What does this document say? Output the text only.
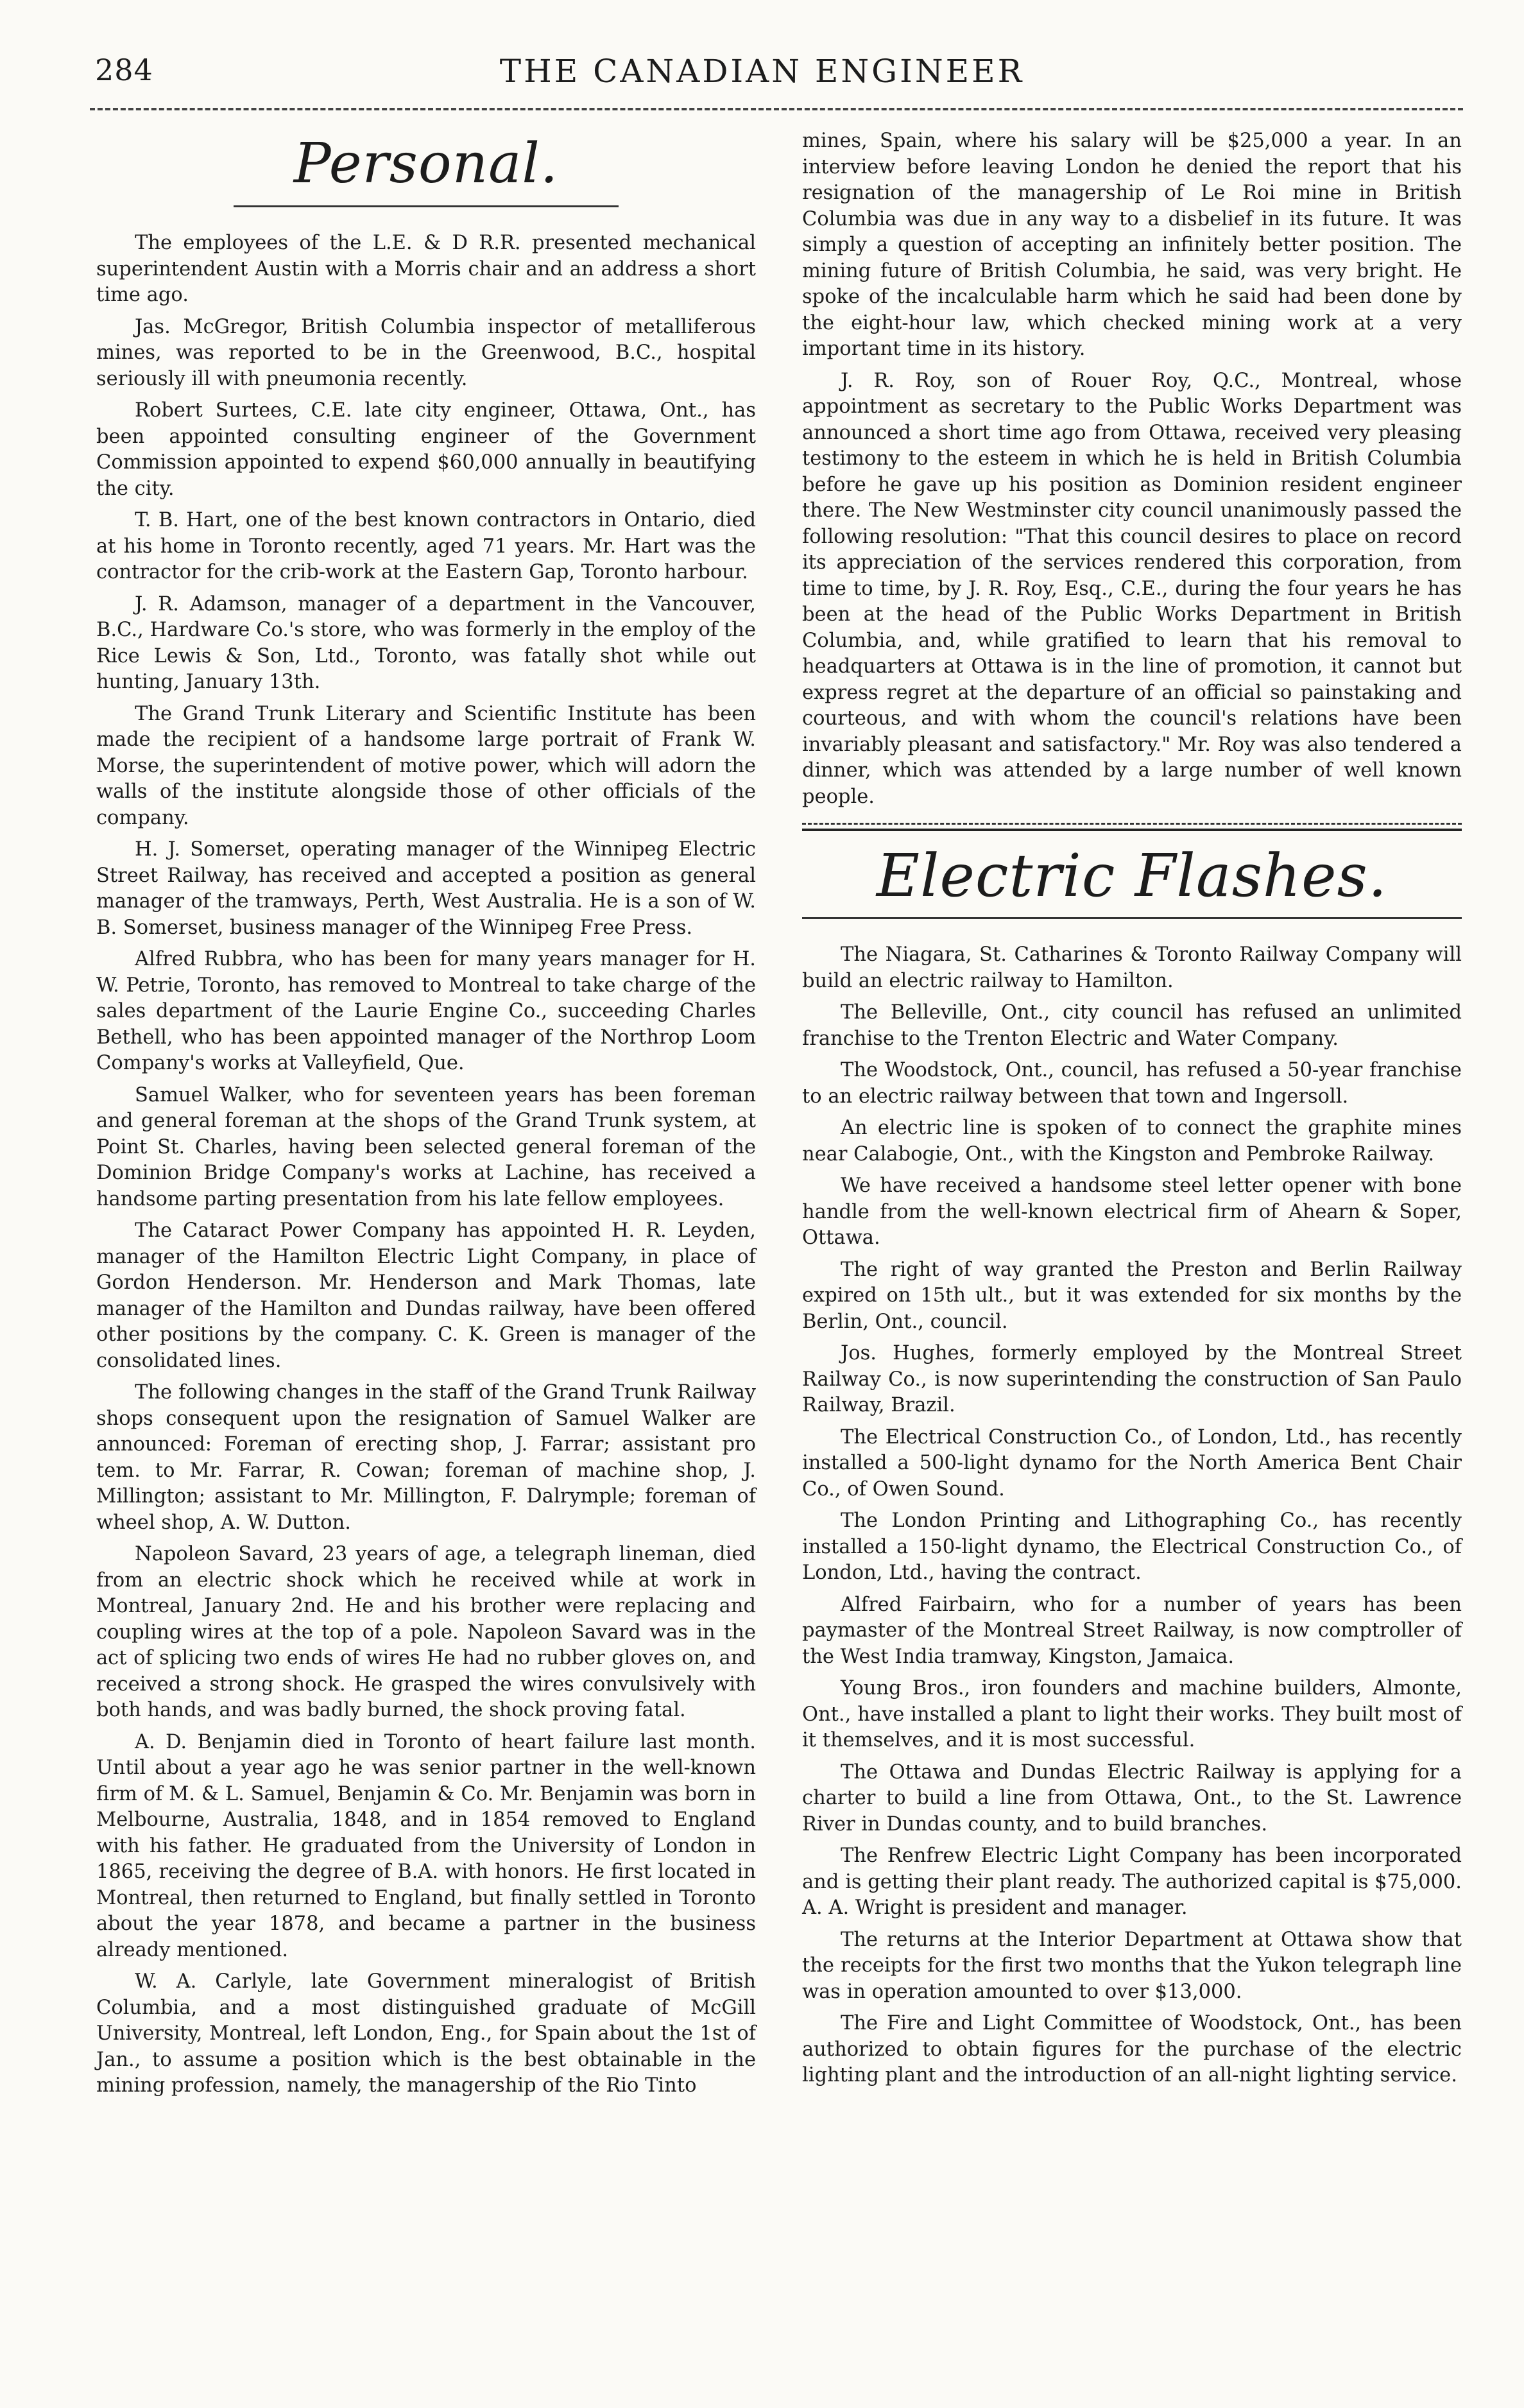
284	THE CANADIAN ENGINEER
Personal.

The employees of the L.E. & D R.R. presented mechanical superintendent Austin with a Morris chair and an address a short time ago.

Jas. McGregor, British Columbia inspector of metalliferous mines, was reported to be in the Greenwood, B.C., hospital seriously ill with pneumonia recently.

Robert Surtees, C.E. late city engineer, Ottawa, Ont., has been appointed consulting engineer of the Government Commission appointed to expend $60,000 annually in beautifying the city.

T. B. Hart, one of the best known contractors in Ontario, died at his home in Toronto recently, aged 71 years. Mr. Hart was the contractor for the crib-work at the Eastern Gap, Toronto harbour.

J. R. Adamson, manager of a department in the Vancouver, B.C., Hardware Co.'s store, who was formerly in the employ of the Rice Lewis & Son, Ltd., Toronto, was fatally shot while out hunting, January 13th.

The Grand Trunk Literary and Scientific Institute has been made the recipient of a handsome large portrait of Frank W. Morse, the superintendent of motive power, which will adorn the walls of the institute alongside those of other officials of the company.

H. J. Somerset, operating manager of the Winnipeg Electric Street Railway, has received and accepted a position as general manager of the tramways, Perth, West Australia. He is a son of W. B. Somerset, business manager of the Winnipeg Free Press.

Alfred Rubbra, who has been for many years manager for H. W. Petrie, Toronto, has removed to Montreal to take charge of the sales department of the Laurie Engine Co., succeeding Charles Bethell, who has been appointed manager of the Northrop Loom Company's works at Valleyfield, Que.

Samuel Walker, who for seventeen years has been foreman and general foreman at the shops of the Grand Trunk system, at Point St. Charles, having been selected general foreman of the Dominion Bridge Company's works at Lachine, has received a handsome parting presentation from his late fellow employees.

The Cataract Power Company has appointed H. R. Leyden, manager of the Hamilton Electric Light Company, in place of Gordon Henderson. Mr. Henderson and Mark Thomas, late manager of the Hamilton and Dundas railway, have been offered other positions by the company. C. K. Green is manager of the consolidated lines.

The following changes in the staff of the Grand Trunk Railway shops consequent upon the resignation of Samuel Walker are announced: Foreman of erecting shop, J. Farrar; assistant pro tem. to Mr. Farrar, R. Cowan; foreman of machine shop, J. Millington; assistant to Mr. Millington, F. Dalrymple; foreman of wheel shop, A. W. Dutton.

Napoleon Savard, 23 years of age, a telegraph lineman, died from an electric shock which he received while at work in Montreal, January 2nd. He and his brother were replacing and coupling wires at the top of a pole. Napoleon Savard was in the act of splicing two ends of wires He had no rubber gloves on, and received a strong shock. He grasped the wires convulsively with both hands, and was badly burned, the shock proving fatal.

A. D. Benjamin died in Toronto of heart failure last month. Until about a year ago he was senior partner in the well-known firm of M. & L. Samuel, Benjamin & Co. Mr. Benjamin was born in Melbourne, Australia, 1848, and in 1854 removed to England with his father. He graduated from the University of London in 1865, receiving the degree of B.A. with honors. He first located in Montreal, then returned to England, but finally settled in Toronto about the year 1878, and became a partner in the business already mentioned.

W. A. Carlyle, late Government mineralogist of British Columbia, and a most distinguished graduate of McGill University, Montreal, left London, Eng., for Spain about the 1st of Jan., to assume a position which is the best obtainable in the mining profession, namely, the managership of the Rio Tinto

mines, Spain, where his salary will be $25,000 a year. In an interview before leaving London he denied the report that his resignation of the managership of Le Roi mine in British Columbia was due in any way to a disbelief in its future. It was simply a question of accepting an infinitely better position. The mining future of British Columbia, he said, was very bright. He spoke of the incalculable harm which he said had been done by the eight-hour law, which checked mining work at a very important time in its history.

J. R. Roy, son of Rouer Roy, Q.C., Montreal, whose appointment as secretary to the Public Works Department was announced a short time ago from Ottawa, received very pleasing testimony to the esteem in which he is held in British Columbia before he gave up his position as Dominion resident engineer there. The New Westminster city council unanimously passed the following resolution: "That this council desires to place on record its appreciation of the services rendered this corporation, from time to time, by J. R. Roy, Esq., C.E., during the four years he has been at the head of the Public Works Department in British Columbia, and, while gratified to learn that his removal to headquarters at Ottawa is in the line of promotion, it cannot but express regret at the departure of an official so painstaking and courteous, and with whom the council's relations have been invariably pleasant and satisfactory." Mr. Roy was also tendered a dinner, which was attended by a large number of well known people.

Electric Flashes.

The Niagara, St. Catharines & Toronto Railway Company will build an electric railway to Hamilton.

The Belleville, Ont., city council has refused an unlimited franchise to the Trenton Electric and Water Company.

The Woodstock, Ont., council, has refused a 50-year franchise to an electric railway between that town and Ingersoll.

An electric line is spoken of to connect the graphite mines near Calabogie, Ont., with the Kingston and Pembroke Railway.

We have received a handsome steel letter opener with bone handle from the well-known electrical firm of Ahearn & Soper, Ottawa.

The right of way granted the Preston and Berlin Railway expired on 15th ult., but it was extended for six months by the Berlin, Ont., council.

Jos. Hughes, formerly employed by the Montreal Street Railway Co., is now superintending the construction of San Paulo Railway, Brazil.

The Electrical Construction Co., of London, Ltd., has recently installed a 500-light dynamo for the North America Bent Chair Co., of Owen Sound.

The London Printing and Lithographing Co., has recently installed a 150-light dynamo, the Electrical Construction Co., of London, Ltd., having the contract.

Alfred Fairbairn, who for a number of years has been paymaster of the Montreal Street Railway, is now comptroller of the West India tramway, Kingston, Jamaica.

Young Bros., iron founders and machine builders, Almonte, Ont., have installed a plant to light their works. They built most of it themselves, and it is most successful.

The Ottawa and Dundas Electric Railway is applying for a charter to build a line from Ottawa, Ont., to the St. Lawrence River in Dundas county, and to build branches.

The Renfrew Electric Light Company has been incorporated and is getting their plant ready. The authorized capital is $75,000. A. A. Wright is president and manager.

The returns at the Interior Department at Ottawa show that the receipts for the first two months that the Yukon telegraph line was in operation amounted to over $13,000.

The Fire and Light Committee of Woodstock, Ont., has been authorized to obtain figures for the purchase of the electric lighting plant and the introduction of an all-night lighting service.
